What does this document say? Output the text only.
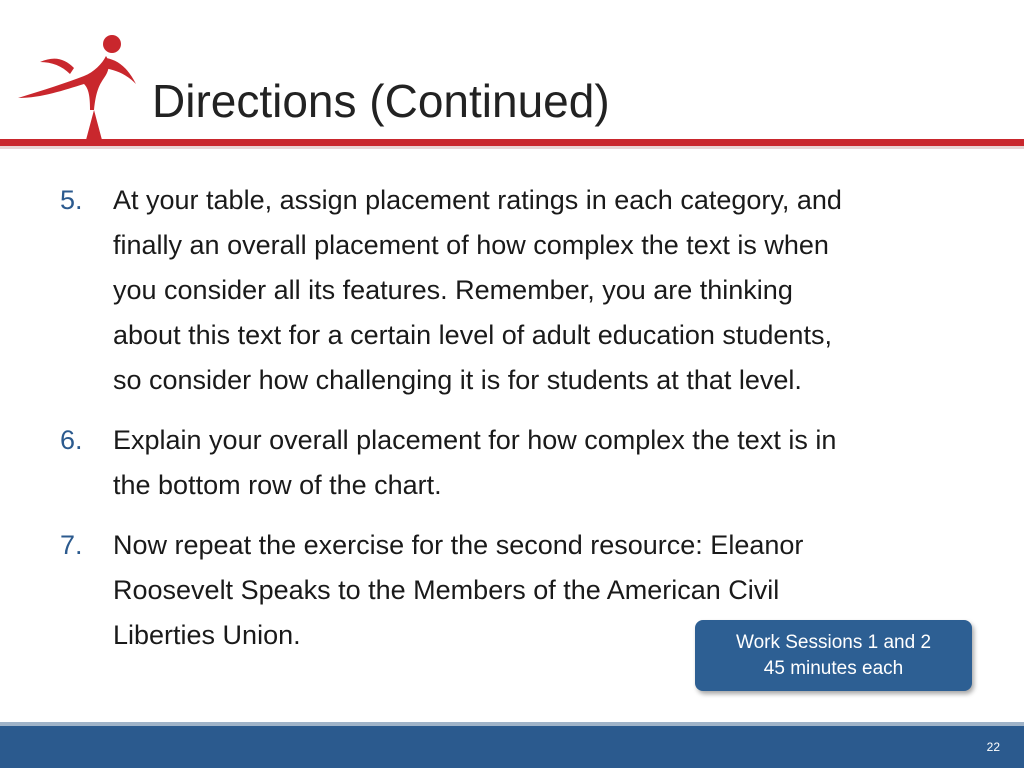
Directions (Continued)
5.	At your table, assign placement ratings in each category, and
finally an overall placement of how complex the text is when
you consider all its features. Remember, you are thinking
about this text for a certain level of adult education students,
so consider how challenging it is for students at that level.
6.	Explain your overall placement for how complex the text is in
the bottom row of the chart.
7.	Now repeat the exercise for the second resource: Eleanor
Roosevelt Speaks to the Members of the American Civil
Liberties Union.	Work Sessions 1 and 2
45 minutes each
22
